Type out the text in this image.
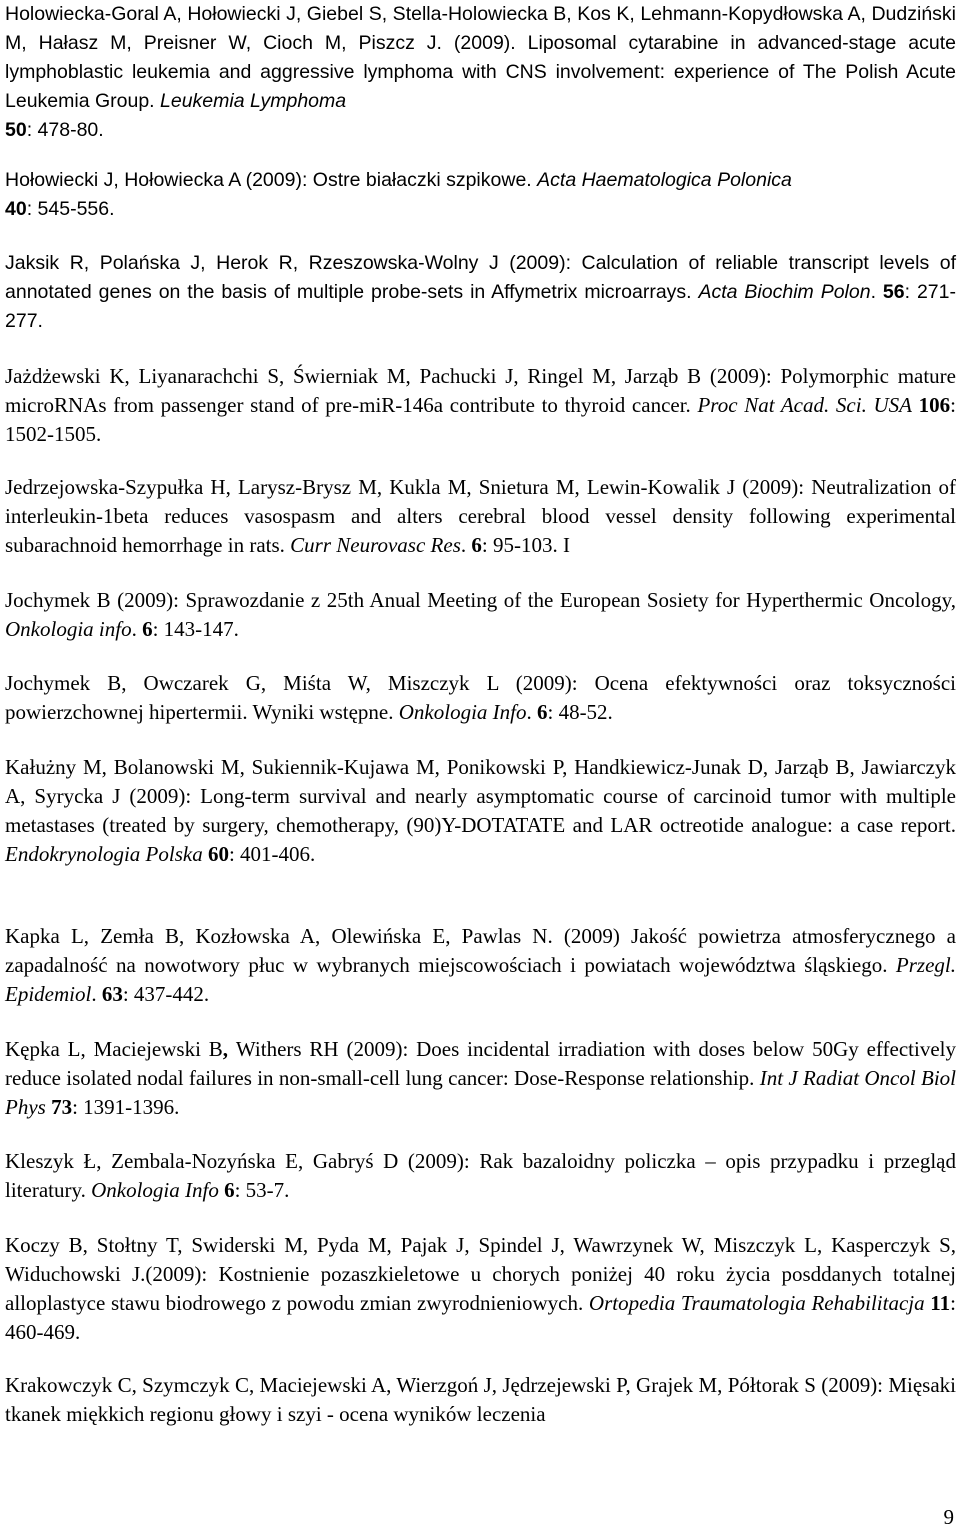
Holowiecka-Goral A, Hołowiecki J, Giebel S, Stella-Holowiecka B, Kos K, Lehmann-Kopydłowska A, Dudziński M, Hałasz M, Preisner W, Cioch M, Piszcz J. (2009). Liposomal cytarabine in advanced-stage acute lymphoblastic leukemia and aggressive lymphoma with CNS involvement: experience of The Polish Acute Leukemia Group. Leukemia Lymphoma
50: 478-80.

Hołowiecki J, Hołowiecka A (2009): Ostre białaczki szpikowe. Acta Haematologica Polonica
40: 545-556.

Jaksik R, Polańska J, Herok R, Rzeszowska-Wolny J (2009): Calculation of reliable transcript levels of annotated genes on the basis of multiple probe-sets in Affymetrix microarrays. Acta Biochim Polon. 56: 271-277.

Jażdżewski K, Liyanarachchi S, Świerniak M, Pachucki J, Ringel M, Jarząb B (2009): Polymorphic mature microRNAs from passenger stand of pre-miR-146a contribute to thyroid cancer. Proc Nat Acad. Sci. USA 106: 1502-1505.

Jedrzejowska-Szypułka H, Larysz-Brysz M, Kukla M, Snietura M, Lewin-Kowalik J (2009): Neutralization of interleukin-1beta reduces vasospasm and alters cerebral blood vessel density following experimental subarachnoid hemorrhage in rats. Curr Neurovasc Res. 6: 95-103. I

Jochymek B (2009): Sprawozdanie z 25th Anual Meeting of the European Sosiety for Hyperthermic Oncology, Onkologia info. 6: 143-147.

Jochymek B, Owczarek G, Miśta W, Miszczyk L (2009): Ocena efektywności oraz toksyczności powierzchownej hipertermii. Wyniki wstępne. Onkologia Info. 6: 48-52.

Kałużny M, Bolanowski M, Sukiennik-Kujawa M, Ponikowski P, Handkiewicz-Junak D, Jarząb B, Jawiarczyk A, Syrycka J (2009): Long-term survival and nearly asymptomatic course of carcinoid tumor with multiple metastases (treated by surgery, chemotherapy, (90)Y-DOTATATE and LAR octreotide analogue: a case report. Endokrynologia Polska 60: 401-406.

Kapka L, Zemła B, Kozłowska A, Olewińska E, Pawlas N. (2009) Jakość powietrza atmosferycznego a zapadalność na nowotwory płuc w wybranych miejscowościach i powiatach województwa śląskiego. Przegl. Epidemiol. 63: 437-442.

Kępka L, Maciejewski B, Withers RH (2009): Does incidental irradiation with doses below 50Gy effectively reduce isolated nodal failures in non-small-cell lung cancer: Dose-Response relationship. Int J Radiat Oncol Biol Phys 73: 1391-1396.

Kleszyk Ł, Zembala-Nozyńska E, Gabryś D (2009): Rak bazaloidny policzka – opis przypadku i przegląd literatury. Onkologia Info 6: 53-7.

Koczy B, Stołtny T, Swiderski M, Pyda M, Pajak J, Spindel J, Wawrzynek W, Miszczyk L, Kasperczyk S, Widuchowski J.(2009): Kostnienie pozaszkieletowe u chorych poniżej 40 roku życia posddanych totalnej alloplastyce stawu biodrowego z powodu zmian zwyrodnieniowych. Ortopedia Traumatologia Rehabilitacja 11: 460-469.

Krakowczyk C, Szymczyk C, Maciejewski A, Wierzgoń J, Jędrzejewski P, Grajek M, Półtorak S (2009): Mięsaki tkanek miękkich regionu głowy i szyi - ocena wyników leczenia

9
